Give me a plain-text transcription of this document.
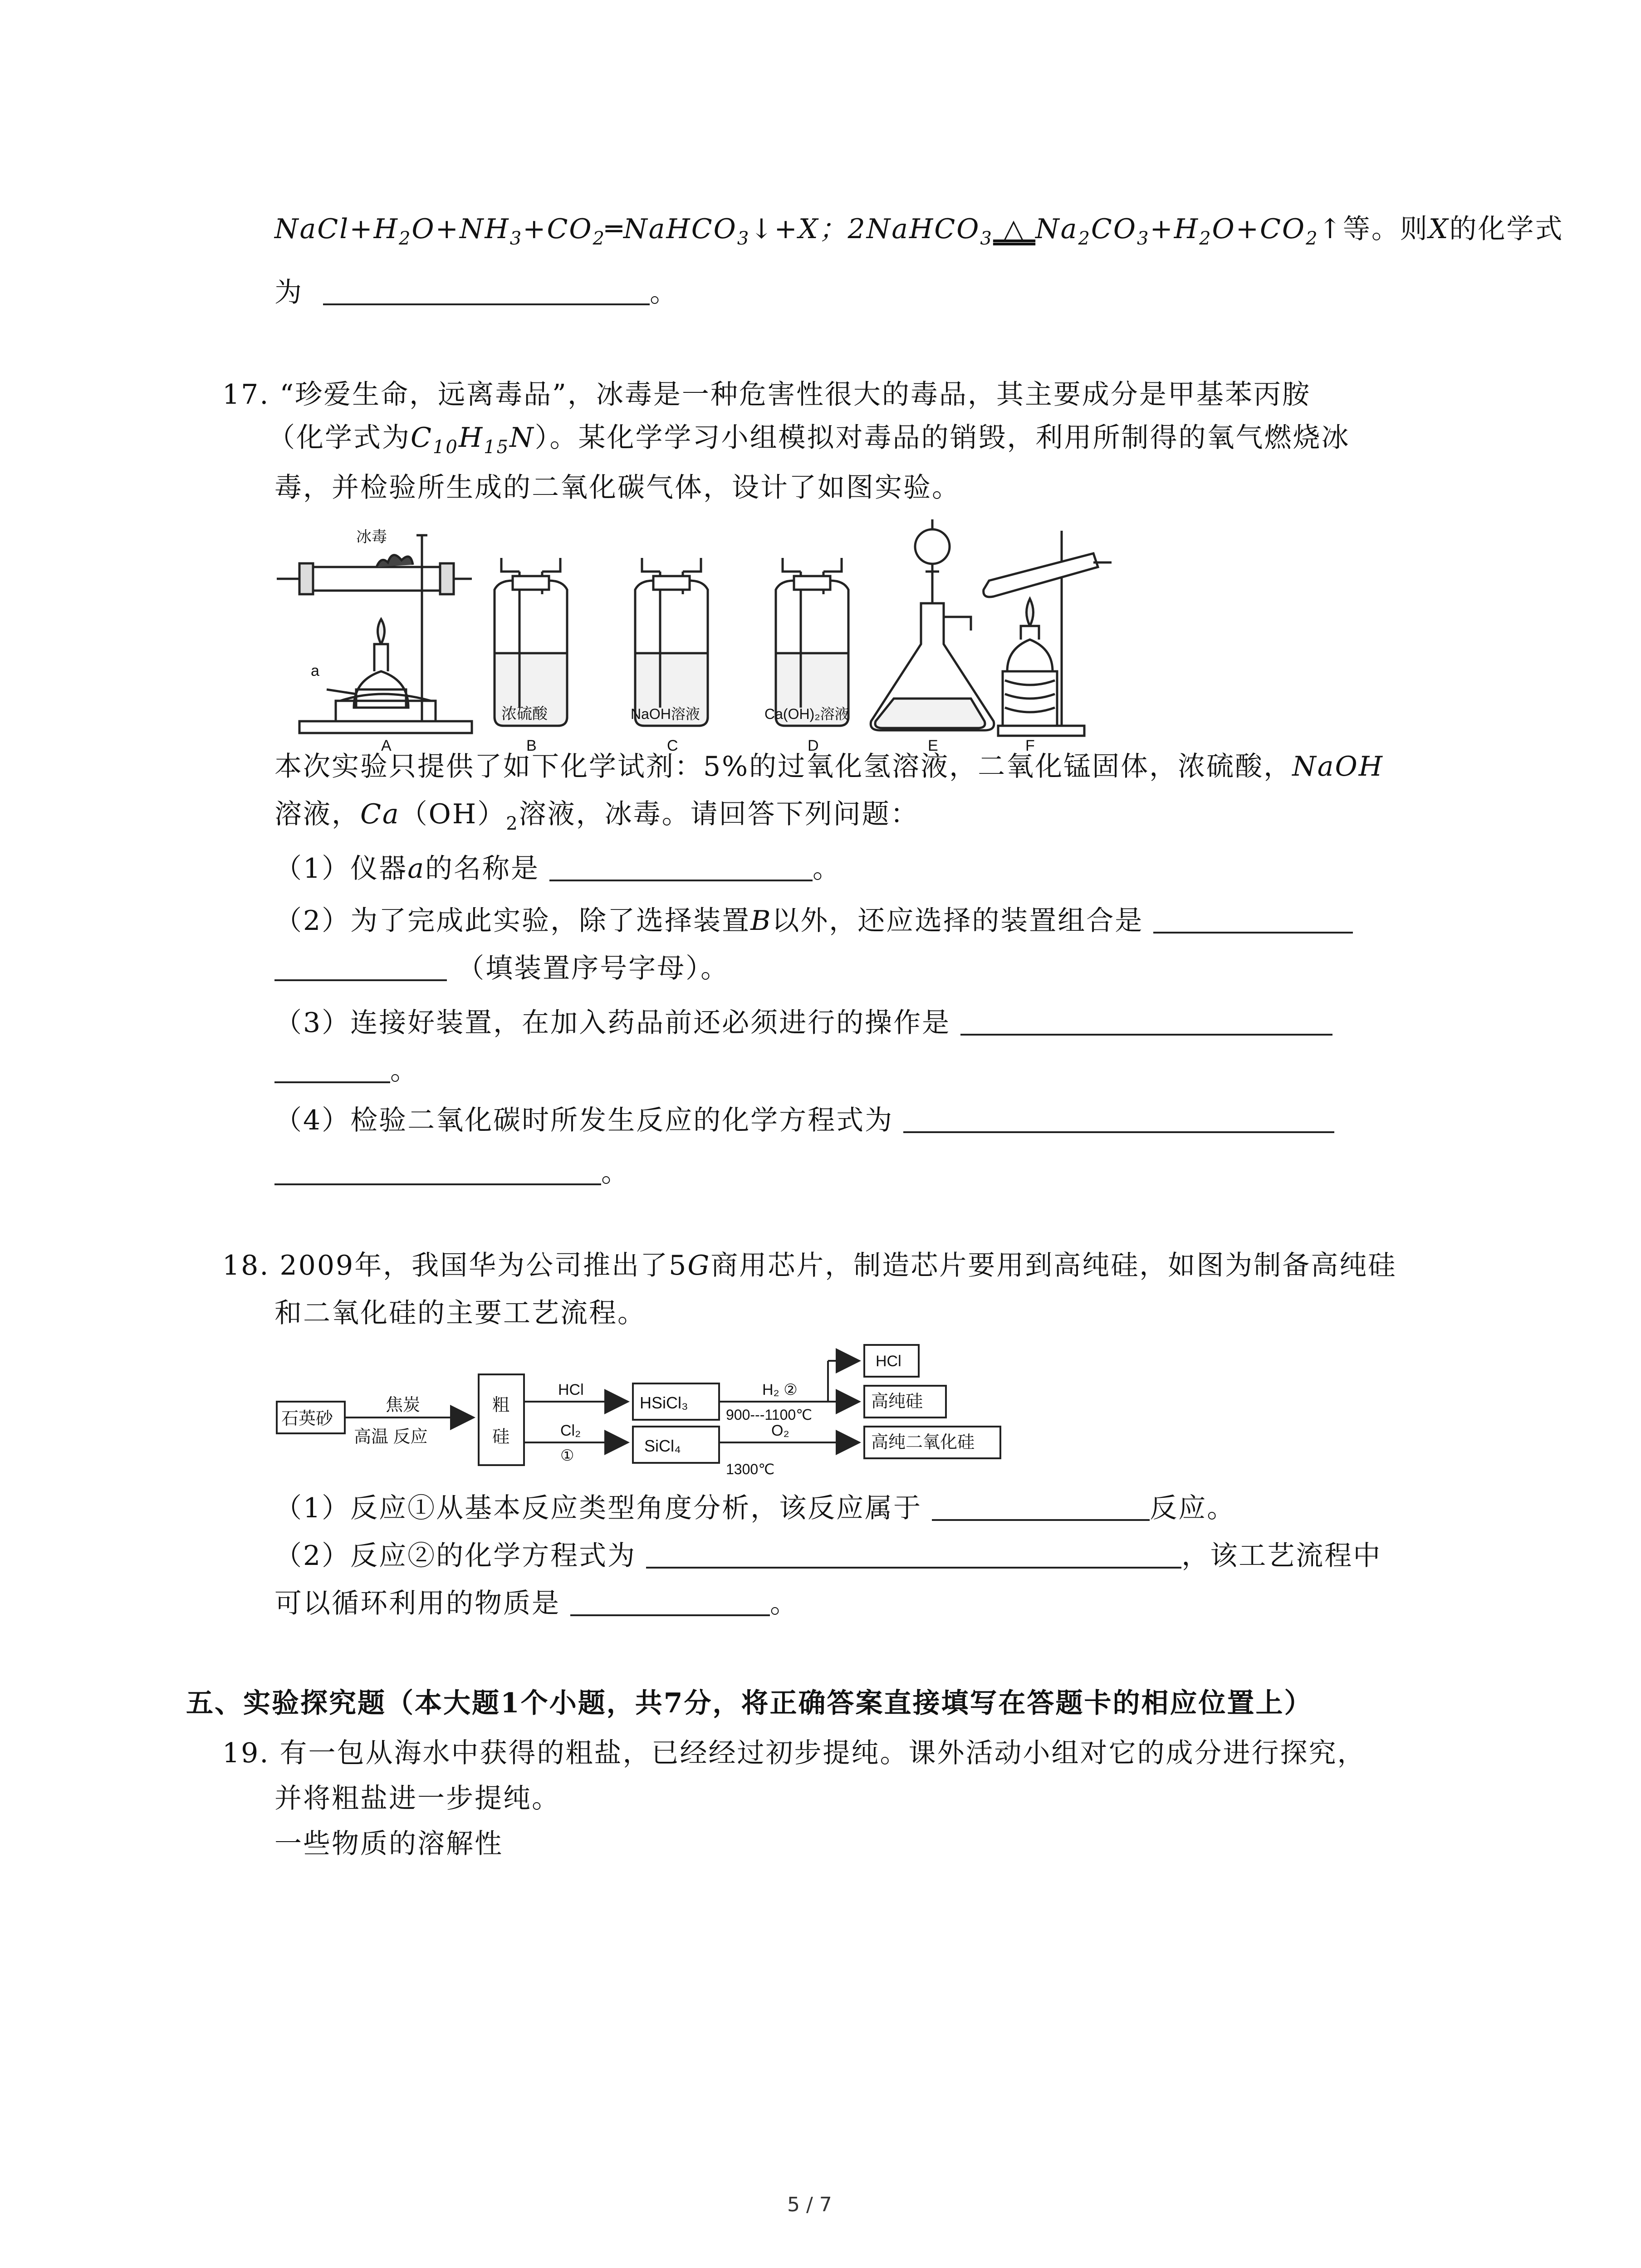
$NaCl+H_2O+NH_3+CO_2═NaHCO_3↓+X$；2NaHCO$_3$ △ $Na_2CO_3+H_2O+CO_2↑$等。则X的化学式
为	。
17. “珍爱生命，远离毒品”，冰毒是一种危害性很大的毒品，其主要成分是甲基苯丙胺
（化学式为$C_{10}H_{15}N$）。某化学学习小组模拟对毒品的销毁，利用所制得的氧气燃烧冰
毒，并检验所生成的二氧化碳气体，设计了如图实验。
冰毒
a
A
浓硫酸
B
NaOH溶液
C
Ca(OH)₂溶液
D	E	F
本次实验只提供了如下化学试剂：5%的过氧化氢溶液，二氧化锰固体，浓硫酸，NaOH
溶液，$Ca(OH)_2$溶液，冰毒。请回答下列问题：
（1）仪器a的名称是	。
（2）为了完成此实验，除了选择装置B以外，还应选择的装置组合是
（填装置序号字母）。
（3）连接好装置，在加入药品前还必须进行的操作是
。
（4）检验二氧化碳时所发生反应的化学方程式为
。
18. 2009年，我国华为公司推出了5G商用芯片，制造芯片要用到高纯硅，如图为制备高纯硅
和二氧化硅的主要工艺流程。
石英砂
焦炭
高温 反应
粗
硅
HCl
Cl₂
①
HSiCl₃
SiCl₄
H₂ ②
900---1100℃
O₂
1300℃
HCl
高纯硅
高纯二氧化硅
（1）反应①从基本反应类型角度分析，该反应属于	反应。
（2）反应②的化学方程式为	，该工艺流程中
可以循环利用的物质是	。
五、实验探究题（本大题1个小题，共7分，将正确答案直接填写在答题卡的相应位置上）
19. 有一包从海水中获得的粗盐，已经经过初步提纯。课外活动小组对它的成分进行探究，
并将粗盐进一步提纯。
一些物质的溶解性
5 / 7
